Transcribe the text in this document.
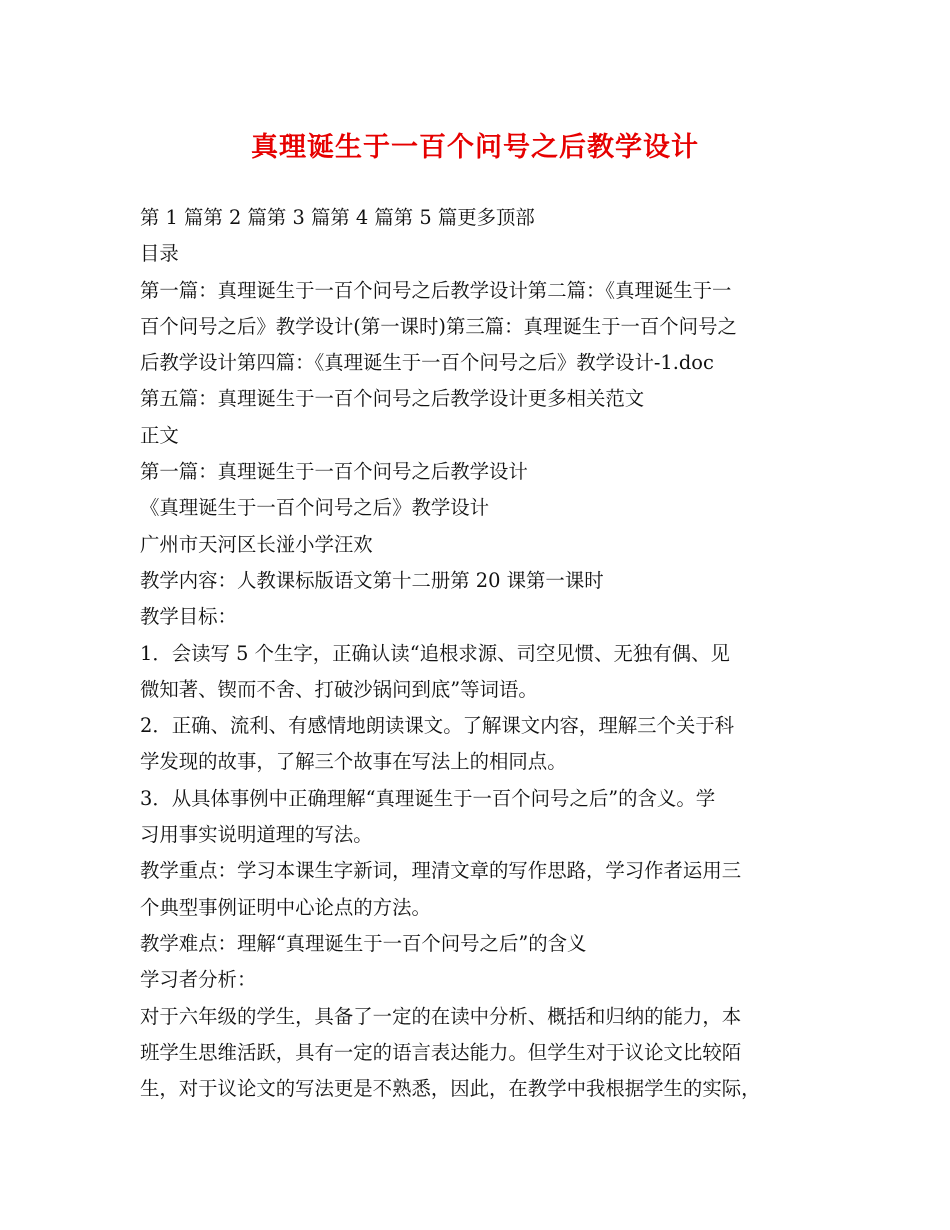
真理诞生于一百个问号之后教学设计
第 1 篇第 2 篇第 3 篇第 4 篇第 5 篇更多顶部
目录
第一篇：真理诞生于一百个问号之后教学设计第二篇：《真理诞生于一
百个问号之后》教学设计(第一课时)第三篇：真理诞生于一百个问号之
后教学设计第四篇：《真理诞生于一百个问号之后》教学设计-1.doc
第五篇：真理诞生于一百个问号之后教学设计更多相关范文
正文
第一篇：真理诞生于一百个问号之后教学设计
《真理诞生于一百个问号之后》教学设计
广州市天河区长湴小学汪欢
教学内容：人教课标版语文第十二册第 20 课第一课时
教学目标：
1．会读写 5 个生字，正确认读“追根求源、司空见惯、无独有偶、见
微知著、锲而不舍、打破沙锅问到底”等词语。
2．正确、流利、有感情地朗读课文。了解课文内容，理解三个关于科
学发现的故事，了解三个故事在写法上的相同点。
3．从具体事例中正确理解“真理诞生于一百个问号之后”的含义。学
习用事实说明道理的写法。
教学重点：学习本课生字新词，理清文章的写作思路，学习作者运用三
个典型事例证明中心论点的方法。
教学难点：理解“真理诞生于一百个问号之后”的含义
学习者分析：
对于六年级的学生，具备了一定的在读中分析、概括和归纳的能力，本
班学生思维活跃，具有一定的语言表达能力。但学生对于议论文比较陌
生，对于议论文的写法更是不熟悉，因此，在教学中我根据学生的实际，
